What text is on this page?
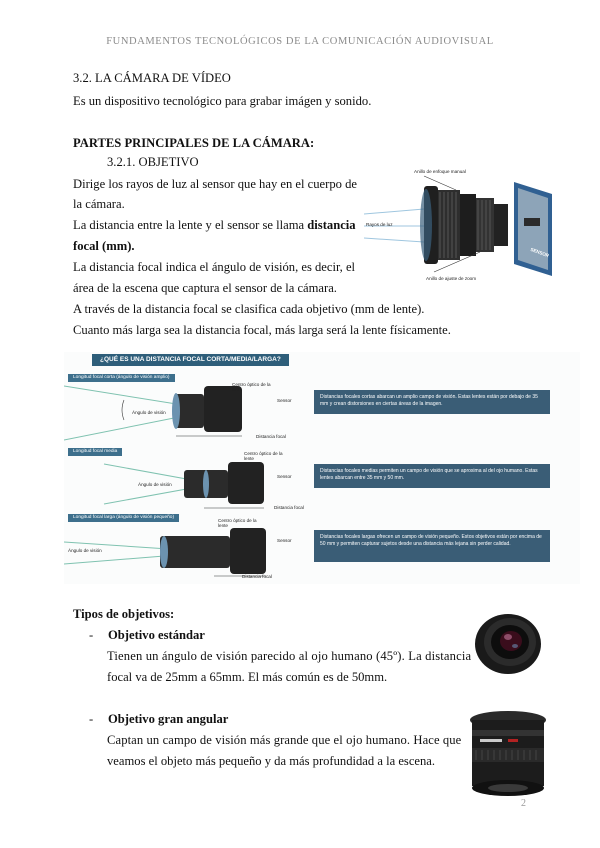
FUNDAMENTOS TECNOLÓGICOS DE LA COMUNICACIÓN AUDIOVISUAL
3.2. LA CÁMARA DE VÍDEO
Es un dispositivo tecnológico para grabar imágen y sonido.
PARTES PRINCIPALES DE LA CÁMARA:
3.2.1. OBJETIVO
Dirige los rayos de luz al sensor que hay en el cuerpo de
la cámara.
La distancia entre la lente y el sensor se llama distancia
focal (mm).
La distancia focal indica el ángulo de visión, es decir, el
área de la escena que captura el sensor de la cámara.
A través de la distancia focal se clasifica cada objetivo (mm de lente).
Cuanto más larga sea la distancia focal, más larga será la lente físicamente.
Anillo de enfoque manual
Rayos de luz
Anillo de ajuste de zoom
SENSOR
¿QUÉ ES UNA DISTANCIA FOCAL CORTA/MEDIA/LARGA?
Longitud focal corta (ángulo de visión amplio)
Centro óptico de la lente
Ángulo de visión
Sensor
Distancia focal
Distancias focales cortas abarcan un amplio campo de visión. Estas lentes están por debajo de 35 mm y crean distorsiones en ciertas áreas de la imagen.
Longitud focal media	Centro óptico de la lente
Ángulo de visión
Sensor
Distancia focal
Distancias focales medias permiten un campo de visión que se aproxima al del ojo humano. Estas lentes abarcan entre 35 mm y 50 mm.
Longitud focal larga (ángulo de visión pequeño)
Centro óptico de la lente
Ángulo de visión
Sensor
Distancia focal
Distancias focales largas ofrecen un campo de visión pequeño. Estos objetivos están por encima de 50 mm y permiten capturar sujetos desde una distancia más lejana sin perder calidad.
Tipos de objetivos:
- Objetivo estándar
Tienen un ángulo de visión parecido al ojo humano (45º). La distancia
focal va de 25mm a 65mm. El más común es de 50mm.
- Objetivo gran angular
Captan un campo de visión más grande que el ojo humano. Hace que
veamos el objeto más pequeño y da más profundidad a la escena.
2
